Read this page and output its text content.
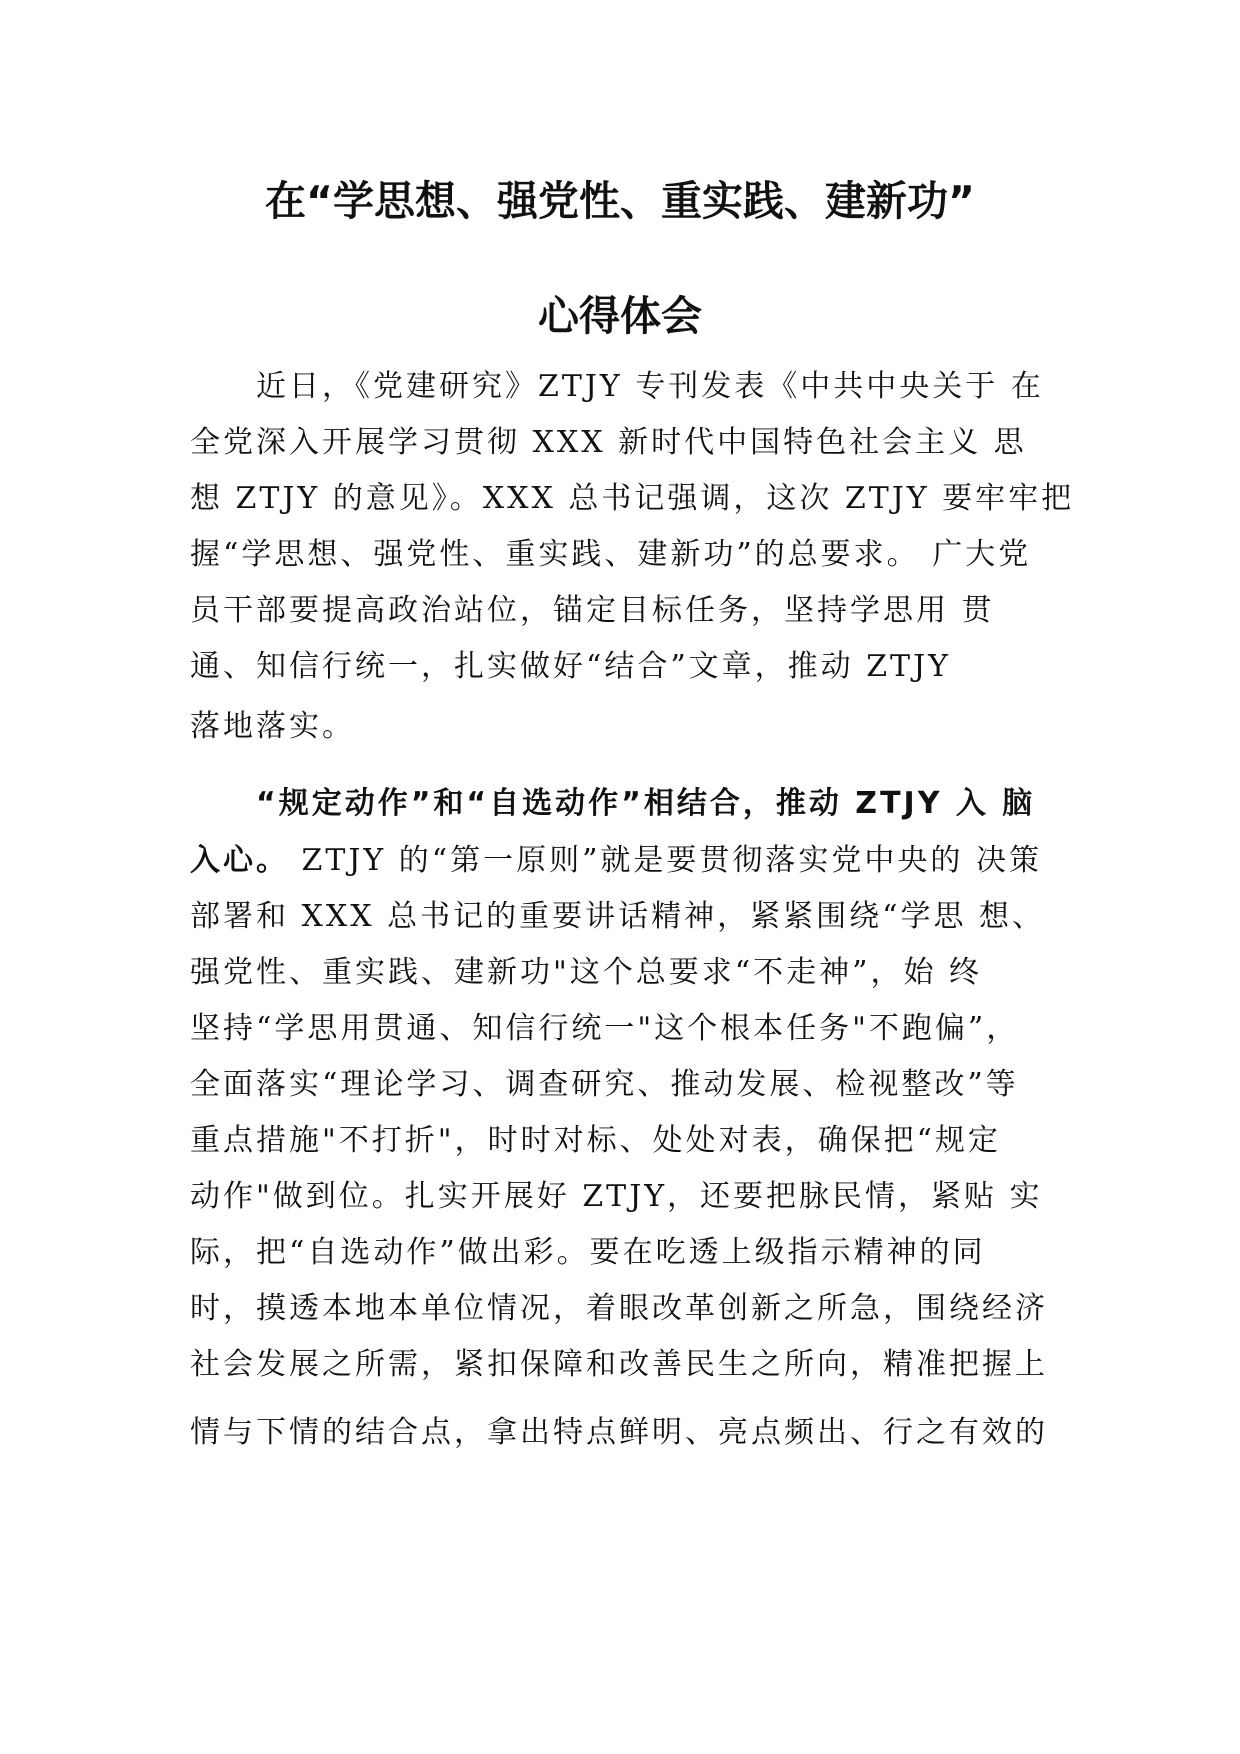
在“学思想、强党性、重实践、建新功”
心得体会
近日，《党建研究》ZTJY 专刊发表《中共中央关于 在
全党深入开展学习贯彻 XXX 新时代中国特色社会主义 思
想 ZTJY 的意见》。XXX 总书记强调，这次 ZTJY 要牢牢把
握“学思想、强党性、重实践、建新功”的总要求。 广大党
员干部要提高政治站位，锚定目标任务，坚持学思用 贯
通、知信行统一，扎实做好“结合”文章，推动 ZTJY
落地落实。
“规定动作”和“自选动作”相结合，推动 ZTJY 入 脑
入心。 ZTJY 的“第一原则”就是要贯彻落实党中央的 决策
部署和 XXX 总书记的重要讲话精神，紧紧围绕“学思 想、
强党性、重实践、建新功"这个总要求“不走神”，始 终
坚持“学思用贯通、知信行统一"这个根本任务"不跑偏”，
全面落实“理论学习、调查研究、推动发展、检视整改”等
重点措施"不打折"，时时对标、处处对表，确保把“规定
动作"做到位。扎实开展好 ZTJY，还要把脉民情，紧贴 实
际，把“自选动作”做出彩。要在吃透上级指示精神的同
时，摸透本地本单位情况，着眼改革创新之所急，围绕经济
社会发展之所需，紧扣保障和改善民生之所向，精准把握上
情与下情的结合点，拿出特点鲜明、亮点频出、行之有效的
